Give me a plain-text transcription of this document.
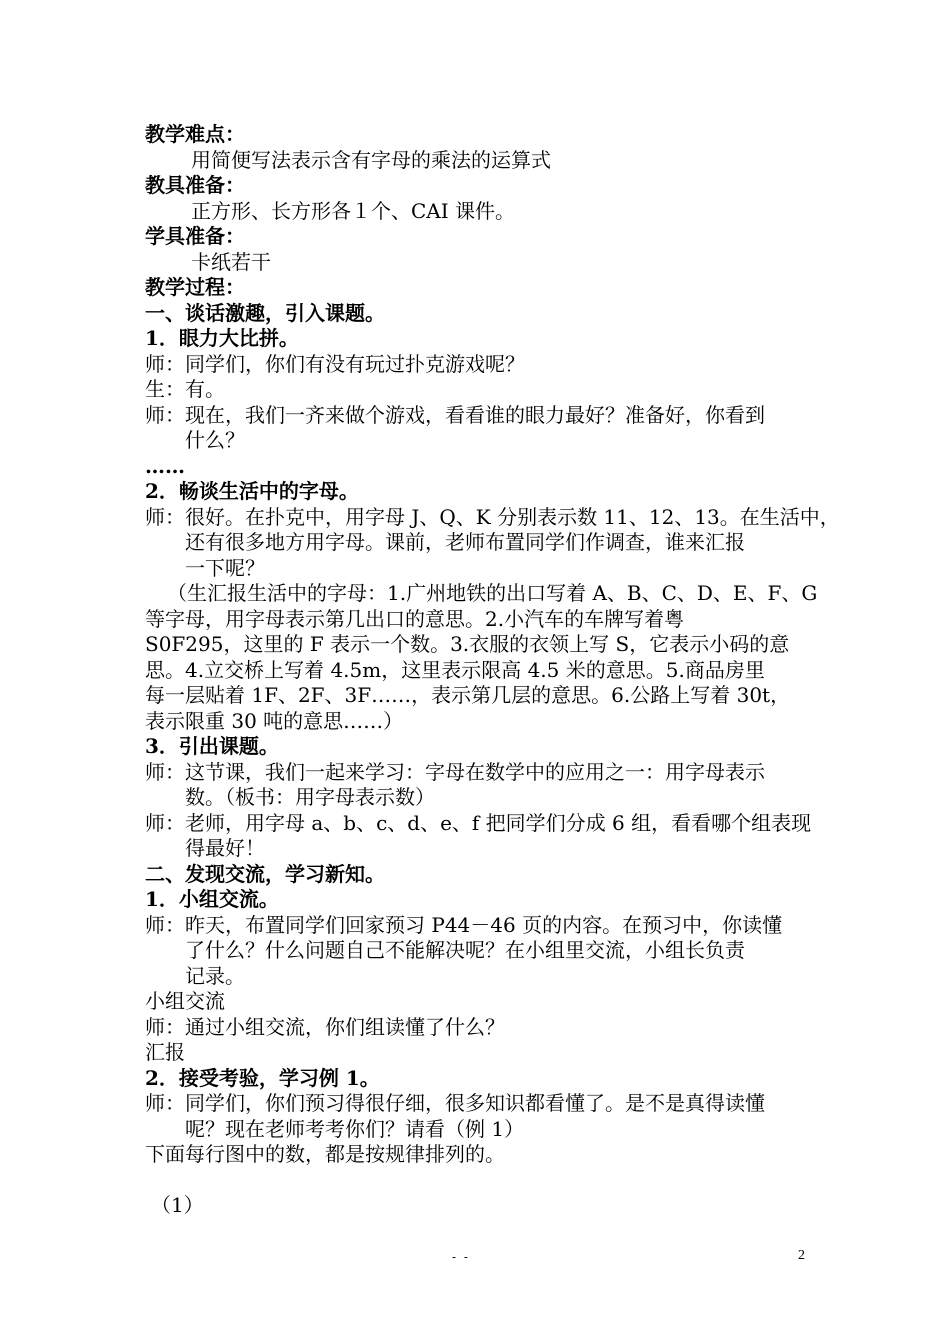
教学难点：
用简便写法表示含有字母的乘法的运算式
教具准备：
正方形、长方形各１个、CAI 课件。
学具准备：
卡纸若干
教学过程：
一、谈话激趣，引入课题。
1．眼力大比拼。
师： 同学们，你们有没有玩过扑克游戏呢？
生： 有。
师： 现在，我们一齐来做个游戏，看看谁的眼力最好？准备好，你看到
什么？
……
2．畅谈生活中的字母。
师： 很好。在扑克中，用字母 J、Q、K 分别表示数 11、12、13。在生活中，
还有很多地方用字母。课前，老师布置同学们作调查，谁来汇报
一下呢？
（生汇报生活中的字母：1.广州地铁的出口写着 A、B、C、D、E、F、G
等字母，用字母表示第几出口的意思。2.小汽车的车牌写着粤
S0F295，这里的 F 表示一个数。3.衣服的衣领上写 S，它表示小码的意
思。4.立交桥上写着 4.5m，这里表示限高 4.5 米的意思。5.商品房里
每一层贴着 1F、2F、3F……，表示第几层的意思。6.公路上写着 30t，
表示限重 30 吨的意思……）
3．引出课题。
师： 这节课，我们一起来学习：字母在数学中的应用之一：用字母表示
数。（板书：用字母表示数）
师： 老师，用字母 a、b、c、d、e、f 把同学们分成 6 组，看看哪个组表现
得最好！
二、发现交流，学习新知。
1．小组交流。
师： 昨天，布置同学们回家预习 P44－46 页的内容。在预习中，你读懂
了什么？什么问题自己不能解决呢？在小组里交流，小组长负责
记录。
小组交流
师： 通过小组交流，你们组读懂了什么？
汇报
2．接受考验，学习例 1。
师： 同学们，你们预习得很仔细，很多知识都看懂了。是不是真得读懂
呢？现在老师考考你们？请看（例 1）
下面每行图中的数，都是按规律排列的。
（1）
- -	2
